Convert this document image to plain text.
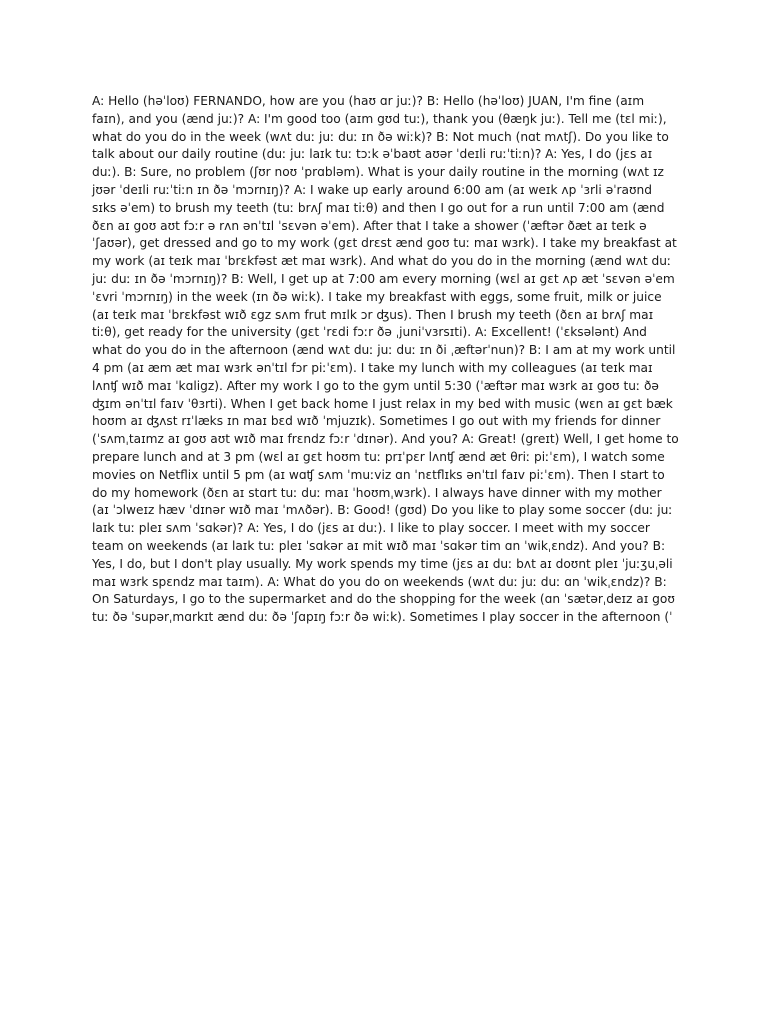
A: Hello (həˈloʊ) FERNANDO, how are you (haʊ ɑr juː)? B: Hello (həˈloʊ) JUAN, I'm fine (aɪm faɪn), and you (ænd juː)? A: I'm good too (aɪm gʊd tuː), thank you (θæŋk juː). Tell me (tɛl miː), what do you do in the week (wʌt duː juː duː ɪn ðə wiːk)? B: Not much (nɑt mʌtʃ). Do you like to talk about our daily routine (duː juː laɪk tuː tɔːk əˈbaʊt aʊər ˈdeɪli ruːˈtiːn)? A: Yes, I do (jɛs aɪ duː). B: Sure, no problem (ʃʊr noʊ ˈprɑbləm). What is your daily routine in the morning (wʌt ɪz jʊər ˈdeɪli ruːˈtiːn ɪn ðə ˈmɔrnɪŋ)? A: I wake up early around 6:00 am (aɪ weɪk ʌp ˈɜrli əˈraʊnd sɪks əˈem) to brush my teeth (tuː brʌʃ maɪ tiːθ) and then I go out for a run until 7:00 am (ænd ðɛn aɪ goʊ aʊt fɔːr ə rʌn ənˈtɪl ˈsɛvən əˈem). After that I take a shower (ˈæftər ðæt aɪ teɪk ə ˈʃaʊər), get dressed and go to my work (gɛt drɛst ænd goʊ tuː maɪ wɜrk). I take my breakfast at my work (aɪ teɪk maɪ ˈbrɛkfəst æt maɪ wɜrk). And what do you do in the morning (ænd wʌt duː juː duː ɪn ðə ˈmɔrnɪŋ)? B: Well, I get up at 7:00 am every morning (wɛl aɪ gɛt ʌp æt ˈsɛvən əˈem ˈɛvri ˈmɔrnɪŋ) in the week (ɪn ðə wiːk). I take my breakfast with eggs, some fruit, milk or juice (aɪ teɪk maɪ ˈbrɛkfəst wɪð ɛgz sʌm frut mɪlk ɔr ʤus). Then I brush my teeth (ðɛn aɪ brʌʃ maɪ tiːθ), get ready for the university (gɛt ˈrɛdi fɔːr ðə ˌjuniˈvɜrsɪti). A: Excellent! (ˈɛksələnt) And what do you do in the afternoon (ænd wʌt duː juː duː ɪn ði ˌæftərˈnun)? B: I am at my work until 4 pm (aɪ æm æt maɪ wɜrk ənˈtɪl fɔr piːˈɛm). I take my lunch with my colleagues (aɪ teɪk maɪ lʌnʧ wɪð maɪ ˈkɑligz). After my work I go to the gym until 5:30 (ˈæftər maɪ wɜrk aɪ goʊ tuː ðə ʤɪm ənˈtɪl faɪv ˈθɜrti). When I get back home I just relax in my bed with music (wɛn aɪ gɛt bæk hoʊm aɪ ʤʌst rɪˈlæks ɪn maɪ bɛd wɪð ˈmjuzɪk). Sometimes I go out with my friends for dinner (ˈsʌmˌtaɪmz aɪ goʊ aʊt wɪð maɪ frɛndz fɔːr ˈdɪnər). And you? A: Great! (greɪt) Well, I get home to prepare lunch and at 3 pm (wɛl aɪ gɛt hoʊm tuː prɪˈpɛr lʌnʧ ænd æt θriː piːˈɛm), I watch some movies on Netflix until 5 pm (aɪ wɑʧ sʌm ˈmuːviz ɑn ˈnɛtflɪks ənˈtɪl faɪv piːˈɛm). Then I start to do my homework (ðɛn aɪ stɑrt tuː duː maɪ ˈhoʊmˌwɜrk). I always have dinner with my mother (aɪ ˈɔlweɪz hæv ˈdɪnər wɪð maɪ ˈmʌðər). B: Good! (gʊd) Do you like to play some soccer (duː juː laɪk tuː pleɪ sʌm ˈsɑkər)? A: Yes, I do (jɛs aɪ duː). I like to play soccer. I meet with my soccer team on weekends (aɪ laɪk tuː pleɪ ˈsɑkər aɪ mit wɪð maɪ ˈsɑkər tim ɑn ˈwikˌɛndz). And you? B: Yes, I do, but I don't play usually. My work spends my time (jɛs aɪ duː bʌt aɪ doʊnt pleɪ ˈjuːʒuˌəli maɪ wɜrk spɛndz maɪ taɪm). A: What do you do on weekends (wʌt duː juː duː ɑn ˈwikˌɛndz)? B: On Saturdays, I go to the supermarket and do the shopping for the week (ɑn ˈsætərˌdeɪz aɪ goʊ tuː ðə ˈsupərˌmɑrkɪt ænd duː ðə ˈʃɑpɪŋ fɔːr ðə wiːk). Sometimes I play soccer in the afternoon (ˈ
